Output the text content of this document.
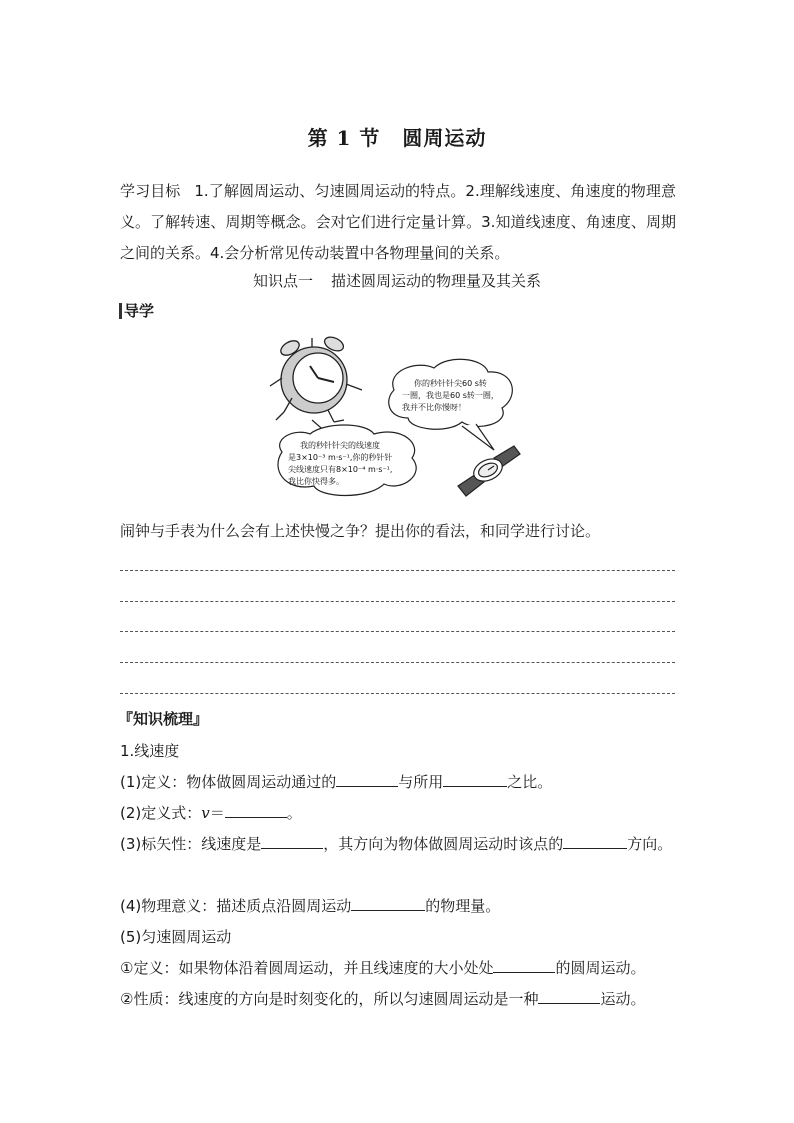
第 1 节 圆周运动
学习目标 1.了解圆周运动、匀速圆周运动的特点。2.理解线速度、角速度的物理意义。了解转速、周期等概念。会对它们进行定量计算。3.知道线速度、角速度、周期之间的关系。4.会分析常见传动装置中各物理量间的关系。
知识点一 描述圆周运动的物理量及其关系
导学
你的秒针针尖60 s转
一圈，我也是60 s转一圈，
我并不比你慢呀！
我的秒针针尖的线速度
是3×10⁻³ m·s⁻¹,你的秒针针
尖线速度只有8×10⁻⁴ m·s⁻¹,
我比你快得多。
闹钟与手表为什么会有上述快慢之争？提出你的看法，和同学进行讨论。
『知识梳理』
1.线速度
(1)定义：物体做圆周运动通过的	与所用	之比。
(2)定义式：v＝	。
(3)标矢性：线速度是	，其方向为物体做圆周运动时该点的	方向。
(4)物理意义：描述质点沿圆周运动	的物理量。
(5)匀速圆周运动
①定义：如果物体沿着圆周运动，并且线速度的大小处处	的圆周运动。
②性质：线速度的方向是时刻变化的，所以匀速圆周运动是一种	运动。
